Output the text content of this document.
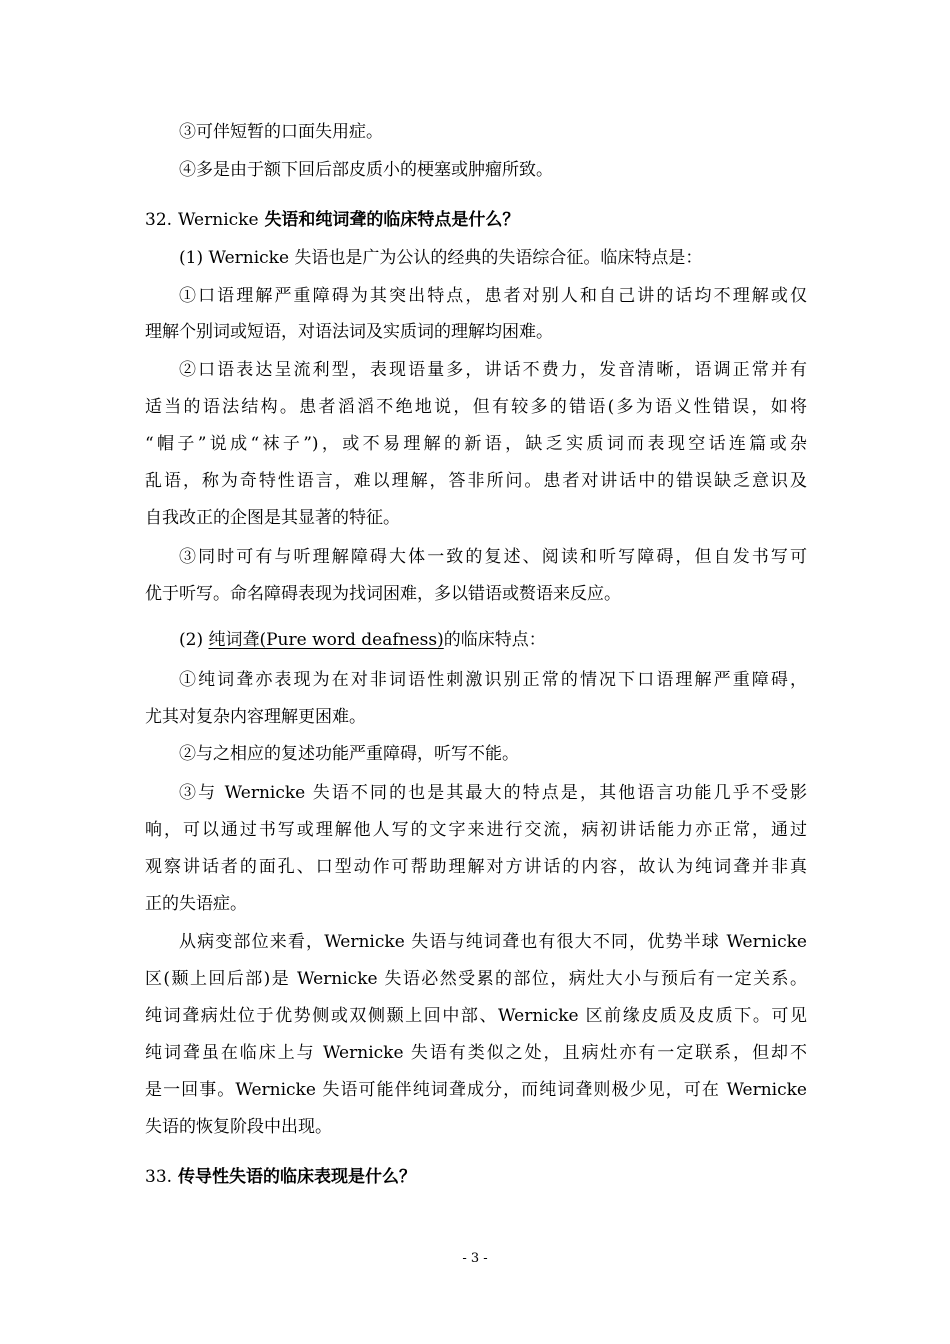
③可伴短暂的口面失用症。
④多是由于额下回后部皮质小的梗塞或肿瘤所致。
32. Wernicke 失语和纯词聋的临床特点是什么？
(1) Wernicke 失语也是广为公认的经典的失语综合征。临床特点是：
①口语理解严重障碍为其突出特点，患者对别人和自己讲的话均不理解或仅
理解个别词或短语，对语法词及实质词的理解均困难。
②口语表达呈流利型，表现语量多，讲话不费力，发音清晰，语调正常并有
适当的语法结构。患者滔滔不绝地说，但有较多的错语(多为语义性错误，如将
“帽子”说成“袜子”)，或不易理解的新语，缺乏实质词而表现空话连篇或杂
乱语，称为奇特性语言，难以理解，答非所问。患者对讲话中的错误缺乏意识及
自我改正的企图是其显著的特征。
③同时可有与听理解障碍大体一致的复述、阅读和听写障碍，但自发书写可
优于听写。命名障碍表现为找词困难，多以错语或赘语来反应。
(2) 纯词聋(Pure word deafness)的临床特点：
①纯词聋亦表现为在对非词语性刺激识别正常的情况下口语理解严重障碍，
尤其对复杂内容理解更困难。
②与之相应的复述功能严重障碍，听写不能。
③与 Wernicke 失语不同的也是其最大的特点是，其他语言功能几乎不受影
响，可以通过书写或理解他人写的文字来进行交流，病初讲话能力亦正常，通过
观察讲话者的面孔、口型动作可帮助理解对方讲话的内容，故认为纯词聋并非真
正的失语症。
从病变部位来看，Wernicke 失语与纯词聋也有很大不同，优势半球 Wernicke
区(颞上回后部)是 Wernicke 失语必然受累的部位，病灶大小与预后有一定关系。
纯词聋病灶位于优势侧或双侧颞上回中部、Wernicke 区前缘皮质及皮质下。可见
纯词聋虽在临床上与 Wernicke 失语有类似之处，且病灶亦有一定联系，但却不
是一回事。Wernicke 失语可能伴纯词聋成分，而纯词聋则极少见，可在 Wernicke
失语的恢复阶段中出现。
33. 传导性失语的临床表现是什么？
- 3 -
